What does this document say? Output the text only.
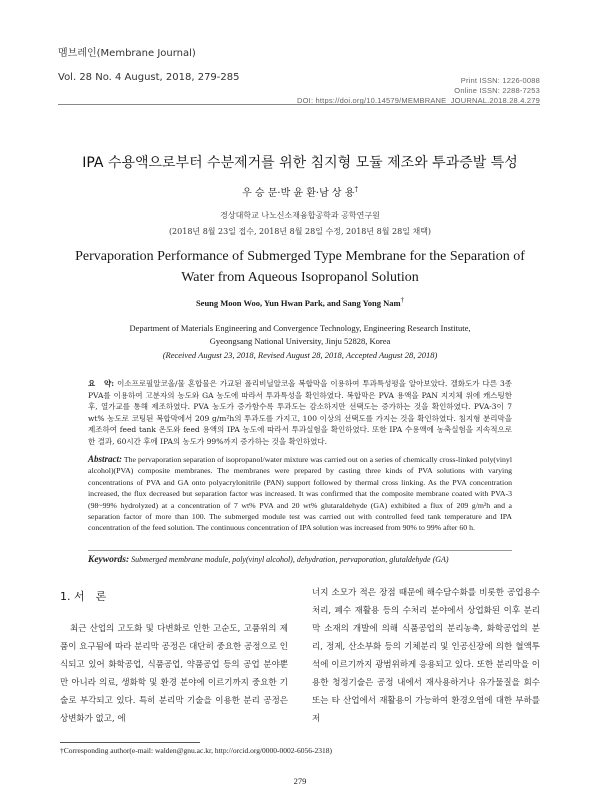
멤브레인(Membrane Journal)
Vol. 28 No. 4 August, 2018, 279-285	Print ISSN: 1226-0088
Online ISSN: 2288-7253
DOI: https://doi.org/10.14579/MEMBRANE_JOURNAL.2018.28.4.279
IPA 수용액으로부터 수분제거를 위한 침지형 모듈 제조와 투과증발 특성
우 승 문·박 윤 환·남 상 용†
경상대학교 나노신소재융합공학과 공학연구원
(2018년 8월 23일 접수, 2018년 8월 28일 수정, 2018년 8월 28일 채택)
Pervaporation Performance of Submerged Type Membrane for the Separation of
Water from Aqueous Isopropanol Solution
Seung Moon Woo, Yun Hwan Park, and Sang Yong Nam†
Department of Materials Engineering and Convergence Technology, Engineering Research Institute,
Gyeongsang National University, Jinju 52828, Korea
(Received August 23, 2018, Revised August 28, 2018, Accepted August 28, 2018)

요　약: 이소프로필알코올/물 혼합물은 가교된 폴리비닐알코올 복합막을 이용하여 투과특성평을 알아보았다. 겔화도가 다른 3종 PVA를 이용하여 고분자의 농도와 GA 농도에 따라서 투과특성을 확인하였다. 복합막은 PVA 용액을 PAN 지지체 위에 캐스팅한 후, 열가교를 통해 제조하였다. PVA 농도가 증가함수록 투과도는 감소하지만 선택도는 증가하는 것을 확인하였다. PVA-3이 7 wt% 농도로 코팅된 복합막에서 209 g/m²h의 투과도를 가지고, 100 이상의 선택도를 가지는 것을 확인하였다. 침지형 분리막을 제조하여 feed tank 온도와 feed 용액의 IPA 농도에 따라서 투과실험을 확인하였다. 또한 IPA 수용액에 농축실험을 지속적으로 한 결과, 60시간 후에 IPA의 농도가 99%까지 증가하는 것을 확인하였다.

Abstract: The pervaporation separation of isopropanol/water mixture was carried out on a series of chemically cross-linked poly(vinyl alcohol)(PVA) composite membranes. The membranes were prepared by casting three kinds of PVA solutions with varying concentrations of PVA and GA onto polyacrylonitrile (PAN) support followed by thermal cross linking. As the PVA concentration increased, the flux decreased but separation factor was increased. It was confirmed that the composite membrane coated with PVA-3 (98~99% hydrolyzed) at a concentration of 7 wt% PVA and 20 wt% glutaraldehyde (GA) exhibited a flux of 209 g/m²h and a separation factor of more than 100. The submerged module test was carried out with controlled feed tank temperature and IPA concentration of the feed solution. The continuous concentration of IPA solution was increased from 90% to 99% after 60 h.

Keywords: Submerged membrane module, poly(vinyl alcohol), dehydration, pervaporation, glutaldehyde (GA)
1. 서　론

최근 산업의 고도화 및 다변화로 인한 고순도, 고품위의 제품이 요구됨에 따라 분리막 공정은 대단히 중요한 공정으로 인식되고 있어 화학공업, 식품공업, 약품공업 등의 공업 분야뿐만 아니라 의료, 생화학 및 환경 분야에 이르기까지 중요한 기술로 부각되고 있다. 특히 분리막 기술을 이용한 분리 공정은 상변화가 없고, 에

너지 소모가 적은 장점 때문에 해수담수화를 비롯한 공업용수 처리, 폐수 재활용 등의 수처리 분야에서 상업화된 이후 분리막 소재의 개발에 의해 식품공업의 분리농축, 화학공업의 분리, 정제, 산소부화 등의 기체분리 및 인공신장에 의한 혈액투석에 이르기까지 광범위하게 응용되고 있다. 또한 분리막을 이용한 청정기술은 공정 내에서 재사용하거나 유가물질을 회수 또는 타 산업에서 재활용이 가능하여 환경오염에 대한 부하를 저

†Corresponding author(e-mail: walden@gnu.ac.kr, http://orcid.org/0000-0002-6056-2318)
279
